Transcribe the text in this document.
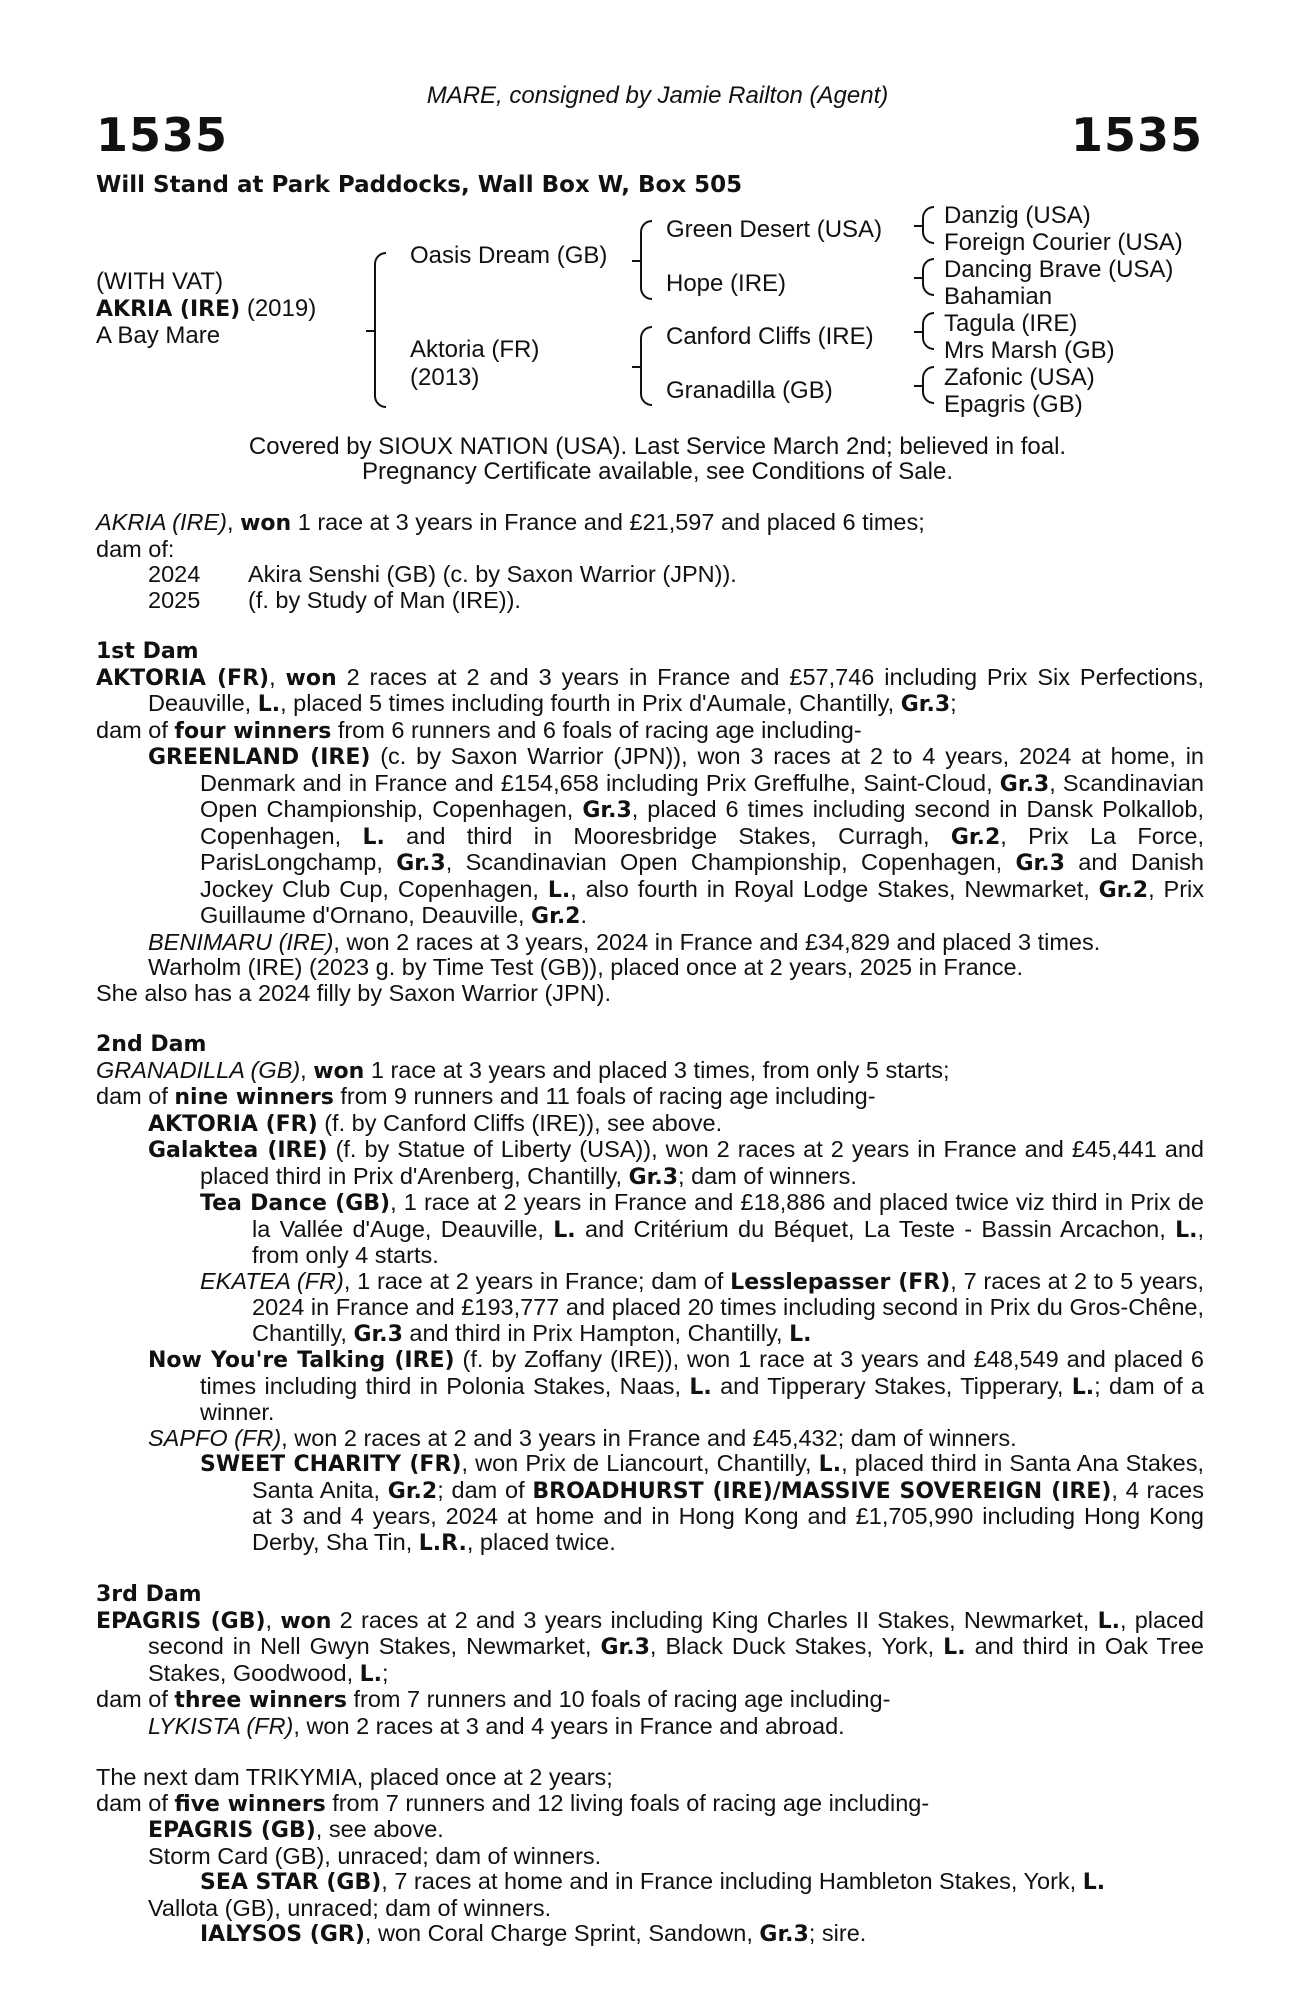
MARE, consigned by Jamie Railton (Agent)
1535	1535
Will Stand at Park Paddocks, Wall Box W, Box 505
(WITH VAT)
AKRIA (IRE) (2019)
A Bay Mare
Oasis Dream (GB)
Aktoria (FR)
(2013)
Green Desert (USA)
Hope (IRE)
Canford Cliffs (IRE)
Granadilla (GB)
Danzig (USA)
Foreign Courier (USA)
Dancing Brave (USA)
Bahamian
Tagula (IRE)
Mrs Marsh (GB)
Zafonic (USA)
Epagris (GB)
Covered by SIOUX NATION (USA). Last Service March 2nd; believed in foal.
Pregnancy Certificate available, see Conditions of Sale.

AKRIA (IRE), won 1 race at 3 years in France and £21,597 and placed 6 times;

dam of:

2024 Akira Senshi (GB) (c. by Saxon Warrior (JPN)).

2025 (f. by Study of Man (IRE)).

1st Dam

AKTORIA (FR), won 2 races at 2 and 3 years in France and £57,746 including Prix Six Perfections, Deauville, L., placed 5 times including fourth in Prix d'Aumale, Chantilly, Gr.3;

dam of four winners from 6 runners and 6 foals of racing age including-

GREENLAND (IRE) (c. by Saxon Warrior (JPN)), won 3 races at 2 to 4 years, 2024 at home, in Denmark and in France and £154,658 including Prix Greffulhe, Saint-Cloud, Gr.3, Scandinavian Open Championship, Copenhagen, Gr.3, placed 6 times including second in Dansk Polkallob, Copenhagen, L. and third in Mooresbridge Stakes, Curragh, Gr.2, Prix La Force, ParisLongchamp, Gr.3, Scandinavian Open Championship, Copenhagen, Gr.3 and Danish Jockey Club Cup, Copenhagen, L., also fourth in Royal Lodge Stakes, Newmarket, Gr.2, Prix Guillaume d'Ornano, Deauville, Gr.2.

BENIMARU (IRE), won 2 races at 3 years, 2024 in France and £34,829 and placed 3 times.

Warholm (IRE) (2023 g. by Time Test (GB)), placed once at 2 years, 2025 in France.

She also has a 2024 filly by Saxon Warrior (JPN).

2nd Dam

GRANADILLA (GB), won 1 race at 3 years and placed 3 times, from only 5 starts;

dam of nine winners from 9 runners and 11 foals of racing age including-

AKTORIA (FR) (f. by Canford Cliffs (IRE)), see above.

Galaktea (IRE) (f. by Statue of Liberty (USA)), won 2 races at 2 years in France and £45,441 and placed third in Prix d'Arenberg, Chantilly, Gr.3; dam of winners.

Tea Dance (GB), 1 race at 2 years in France and £18,886 and placed twice viz third in Prix de la Vallée d'Auge, Deauville, L. and Critérium du Béquet, La Teste - Bassin Arcachon, L., from only 4 starts.

EKATEA (FR), 1 race at 2 years in France; dam of Lesslepasser (FR), 7 races at 2 to 5 years, 2024 in France and £193,777 and placed 20 times including second in Prix du Gros-Chêne, Chantilly, Gr.3 and third in Prix Hampton, Chantilly, L.

Now You're Talking (IRE) (f. by Zoffany (IRE)), won 1 race at 3 years and £48,549 and placed 6 times including third in Polonia Stakes, Naas, L. and Tipperary Stakes, Tipperary, L.; dam of a winner.

SAPFO (FR), won 2 races at 2 and 3 years in France and £45,432; dam of winners.

SWEET CHARITY (FR), won Prix de Liancourt, Chantilly, L., placed third in Santa Ana Stakes, Santa Anita, Gr.2; dam of BROADHURST (IRE)/MASSIVE SOVEREIGN (IRE), 4 races at 3 and 4 years, 2024 at home and in Hong Kong and £1,705,990 including Hong Kong Derby, Sha Tin, L.R., placed twice.

3rd Dam

EPAGRIS (GB), won 2 races at 2 and 3 years including King Charles II Stakes, Newmarket, L., placed second in Nell Gwyn Stakes, Newmarket, Gr.3, Black Duck Stakes, York, L. and third in Oak Tree Stakes, Goodwood, L.;

dam of three winners from 7 runners and 10 foals of racing age including-

LYKISTA (FR), won 2 races at 3 and 4 years in France and abroad.

The next dam TRIKYMIA, placed once at 2 years;

dam of five winners from 7 runners and 12 living foals of racing age including-

EPAGRIS (GB), see above.

Storm Card (GB), unraced; dam of winners.

SEA STAR (GB), 7 races at home and in France including Hambleton Stakes, York, L.

Vallota (GB), unraced; dam of winners.

IALYSOS (GR), won Coral Charge Sprint, Sandown, Gr.3; sire.
